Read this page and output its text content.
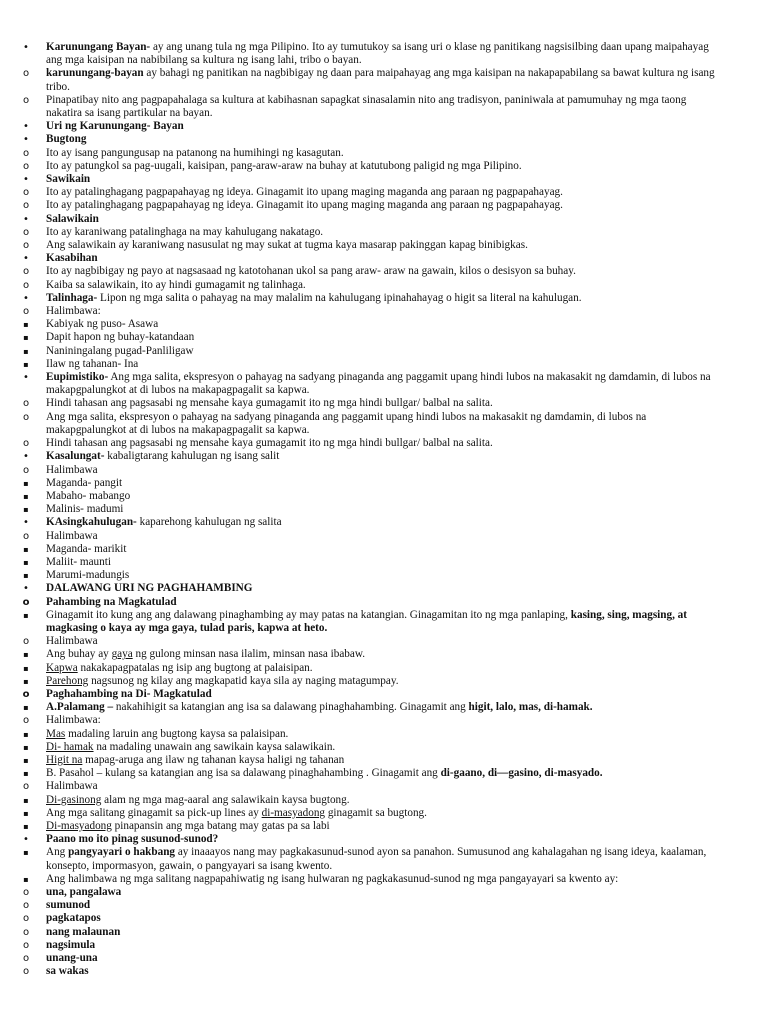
•	Karunungang Bayan- ay ang unang tula ng mga Pilipino. Ito ay tumutukoy sa isang uri o klase ng panitikang nagsisilbing daan upang maipahayag ang mga kaisipan na nabibilang sa kultura ng isang lahi, tribo o bayan.
o	karunungang-bayan ay bahagi ng panitikan na nagbibigay ng daan para maipahayag ang mga kaisipan na nakapapabilang sa bawat kultura ng isang tribo.
o	Pinapatibay nito ang pagpapahalaga sa kultura at kabihasnan sapagkat sinasalamin nito ang tradisyon, paniniwala at pamumuhay ng mga taong nakatira sa isang partikular na bayan.
•	Uri ng Karunungang- Bayan
•	Bugtong
o	Ito ay isang pangungusap na patanong na humihingi ng kasagutan.
o	Ito ay patungkol sa pag-uugali, kaisipan, pang-araw-araw na buhay at katutubong paligid ng mga Pilipino.
•	Sawikain
o	Ito ay patalinghagang pagpapahayag ng ideya. Ginagamit ito upang maging maganda ang paraan ng pagpapahayag.
o	Ito ay patalinghagang pagpapahayag ng ideya. Ginagamit ito upang maging maganda ang paraan ng pagpapahayag.
•	Salawikain
o	Ito ay karaniwang patalinghaga na may kahulugang nakatago.
o	Ang salawikain ay karaniwang nasusulat ng may sukat at tugma kaya masarap pakinggan kapag binibigkas.
•	Kasabihan
o	Ito ay nagbibigay ng payo at nagsasaad ng katotohanan ukol sa pang araw- araw na gawain, kilos o desisyon sa buhay.
o	Kaiba sa salawikain, ito ay hindi gumagamit ng talinhaga.
•	Talinhaga- Lipon ng mga salita o pahayag na may malalim na kahulugang ipinahahayag o higit sa literal na kahulugan.
o	Halimbawa:
▪	Kabiyak ng puso- Asawa
▪	Dapit hapon ng buhay-katandaan
▪	Naniningalang pugad-Panliligaw
▪	Ilaw ng tahanan- Ina
•	Eupimistiko- Ang mga salita, ekspresyon o pahayag na sadyang pinaganda ang paggamit upang hindi lubos na makasakit ng damdamin, di lubos na makapgpalungkot at di lubos na makapagpagalit sa kapwa.
o	Hindi tahasan ang pagsasabi ng mensahe kaya gumagamit ito ng mga hindi bullgar/ balbal na salita.
o	Ang mga salita, ekspresyon o pahayag na sadyang pinaganda ang paggamit upang hindi lubos na makasakit ng damdamin, di lubos na makapgpalungkot at di lubos na makapagpagalit sa kapwa.
o	Hindi tahasan ang pagsasabi ng mensahe kaya gumagamit ito ng mga hindi bullgar/ balbal na salita.
•	Kasalungat- kabaligtarang kahulugan ng isang salit
o	Halimbawa
▪	Maganda- pangit
▪	Mabaho- mabango
▪	Malinis- madumi
•	KAsingkahulugan- kaparehong kahulugan ng salita
o	Halimbawa
▪	Maganda- marikit
▪	Maliit- maunti
▪	Marumi-madungis
•	DALAWANG URI NG PAGHAHAMBING
o	Pahambing na Magkatulad
▪	Ginagamit ito kung ang ang dalawang pinaghambing ay may patas na katangian. Ginagamitan ito ng mga panlaping, kasing, sing, magsing, at magkasing o kaya ay mga gaya, tulad paris, kapwa at heto.
o	Halimbawa
▪	Ang buhay ay gaya ng gulong minsan nasa ilalim, minsan nasa ibabaw.
▪	Kapwa nakakapagpatalas ng isip ang bugtong at palaisipan.
▪	Parehong nagsunog ng kilay ang magkapatid kaya sila ay naging matagumpay.
o	Paghahambing na Di- Magkatulad
▪	A.Palamang – nakahihigit sa katangian ang isa sa dalawang pinaghahambing. Ginagamit ang higit, lalo, mas, di-hamak.
o	Halimbawa:
▪	Mas madaling laruin ang bugtong kaysa sa palaisipan.
▪	Di- hamak na madaling unawain ang sawikain kaysa salawikain.
▪	Higit na mapag-aruga ang ilaw ng tahanan kaysa haligi ng tahanan
▪	B. Pasahol – kulang sa katangian ang isa sa dalawang pinaghahambing . Ginagamit ang di-gaano, di—gasino, di-masyado.
o	Halimbawa
▪	Di-gasinong alam ng mga mag-aaral ang salawikain kaysa bugtong.
▪	Ang mga salitang ginagamit sa pick-up lines ay di-masyadong ginagamit sa bugtong.
▪	Di-masyadong pinapansin ang mga batang may gatas pa sa labi
•	Paano mo ito pinag susunod-sunod?
▪	Ang pangyayari o hakbang ay inaaayos nang may pagkakasunud-sunod ayon sa panahon. Sumusunod ang kahalagahan ng isang ideya, kaalaman, konsepto, impormasyon, gawain, o pangyayari sa isang kwento.
▪	Ang halimbawa ng mga salitang nagpapahiwatig ng isang hulwaran ng pagkakasunud-sunod ng mga pangayayari sa kwento ay:
o	una, pangalawa
o	sumunod
o	pagkatapos
o	nang malaunan
o	nagsimula
o	unang-una
o	sa wakas
